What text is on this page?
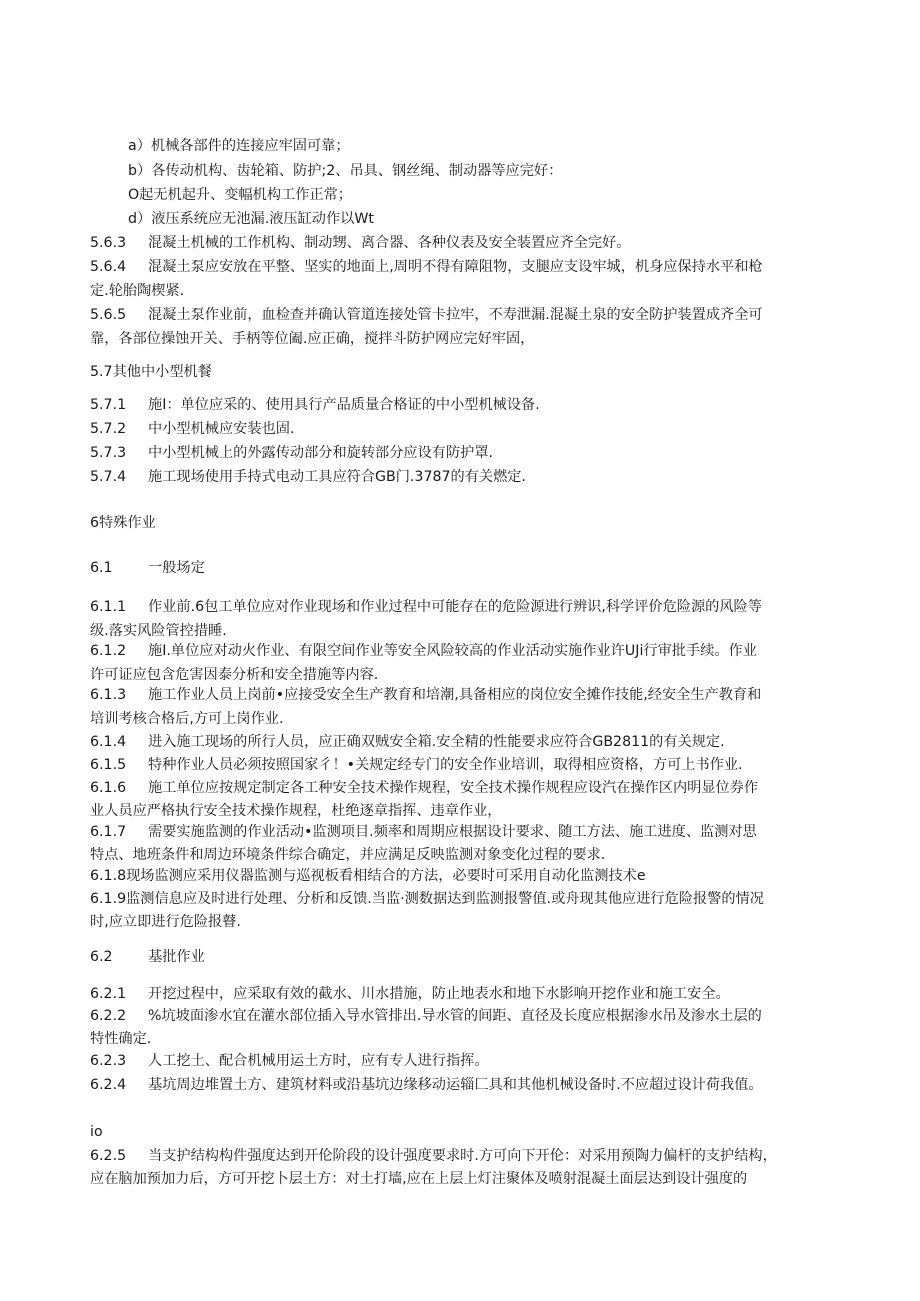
a）机械各部件的连接应牢固可靠；
b）各传动机构、齿轮箱、防护;2、吊具、钢丝绳、制动器等应完好：
O起无机起升、变幅机构工作正常；
d）液压系统应无池漏.液压缸动作以Wt
5.6.3 混凝土机械的工作机构、制动甥、离合器、各种仪表及安全装置应齐全完好。
5.6.4 混凝土泵应安放在平整、坚实的地面上,周明不得有障阻物，支腿应支设牢城，机身应保持水平和枪
定.轮胎陶楔紧.
5.6.5 混凝土泵作业前，血检查并确认管道连接处管卡拉牢，不寿泄漏.混凝土泉的安全防护装置成齐全可
靠，各部位操蚀开关、手柄等位阖.应正确，搅拌斗防护网应完好牢固，
5.7其他中小型机餐
5.7.1 施I：单位应采的、使用具行产品质量合格证的中小型机械设备.
5.7.2 中小型机械应安装也固.
5.7.3 中小型机械上的外露传动部分和旋转部分应设有防护罩.
5.7.4 施工现场使用手持式电动工具应符合GB门.3787的有关燃定.
6特殊作业
6.1 一般场定
6.1.1 作业前.6包工单位应对作业现场和作业过程中可能存在的危险源进行辨识,科学评价危险源的风险等
级.落实风险管控措睡.
6.1.2 施I.单位应对动火作业、有限空间作业等安全风险较高的作业活动实施作业许UJi行审批手续。作业
许可证应包含危害因泰分析和安全措施等内容.
6.1.3 施工作业人员上岗前•应接受安全生产教育和培潮,具备相应的岗位安全摊作技能,经安全生产教育和
培训考核合格后,方可上岗作业.
6.1.4 进入施工现场的所行人员，应正确双贼安全箱.安全精的性能要求应符合GB2811的有关规定.
6.1.5 特种作业人员必须按照国家彳！•关规定经专门的安全作业培训，取得相应资格，方可上书作业.
6.1.6 施工单位应按规定制定各工种安全技术操作规程，安全技术操作规程应设汽在操作区内明显位券作
业人员应严格执行安全技术操作规程，杜绝逐章指挥、违章作业，
6.1.7 需要实施监测的作业活动•监测项目.频率和周期应根据设计要求、随工方法、施工进度、监测对思
特点、地班条件和周边环境条件综合确定，并应满足反映监测对象变化过程的要求.
6.1.8现场监测应采用仪器监测与巡视板看相结合的方法，必要时可采用自动化监测技术e
6.1.9监测信息应及时进行处理、分析和反馈.当监·测数据达到监测报警值.或舟现其他应进行危险报警的情况
时,应立即进行危险报瞽.
6.2 基批作业
6.2.1 开挖过程中，应采取有效的截水、川水措施，防止地表水和地下水影响开挖作业和施工安全。
6.2.2 %坑坡面渗水宜在灌水部位插入导水管排出.导水管的间距、直径及长度应根据渗水吊及渗水土层的
特性确定.
6.2.3 人工挖土、配合机械用运土方时，应有专人进行指挥。
6.2.4 基坑周边堆置土方、建筑材料或沿基坑边缘移动运辎匚具和其他机械设备时.不应超过设计荷我值。
io
6.2.5 当支护结构构件强度达到开伦阶段的设计强度要求时.方可向下开伦：对采用预陶力偏杆的支护结构，
应在脑加预加力后，方可开挖卜层土方：对土打墙,应在上层上灯注聚体及喷射混凝土面层达到设计强度的
